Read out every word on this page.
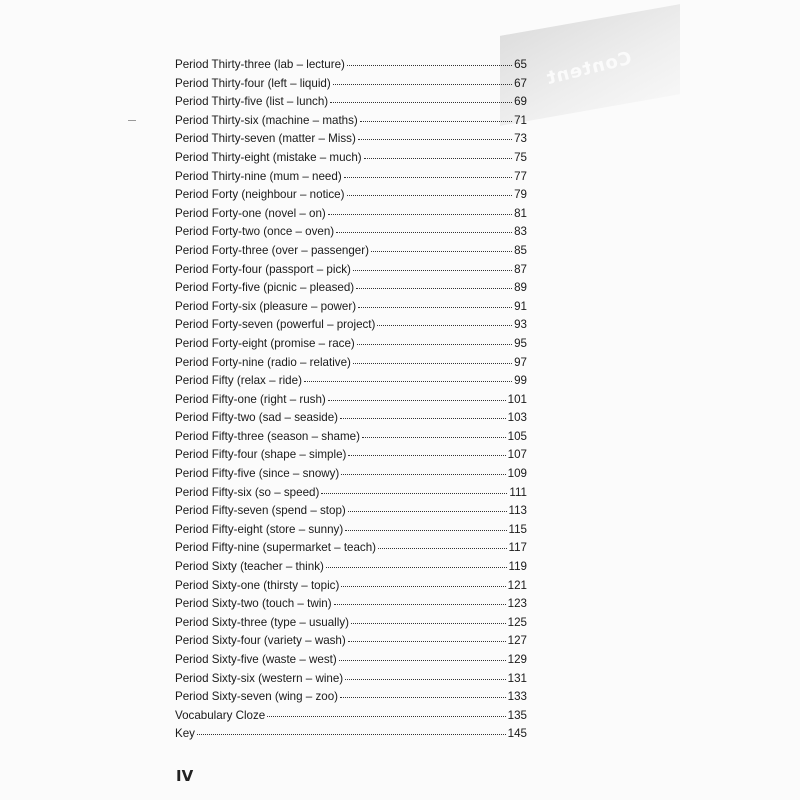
Content
Period Thirty-three (lab – lecture)	65
Period Thirty-four (left – liquid)	67
Period Thirty-five (list – lunch)	69
Period Thirty-six (machine – maths)	71
Period Thirty-seven (matter – Miss)	73
Period Thirty-eight (mistake – much)	75
Period Thirty-nine (mum – need)	77
Period Forty (neighbour – notice)	79
Period Forty-one (novel – on)	81
Period Forty-two (once – oven)	83
Period Forty-three (over – passenger)	85
Period Forty-four (passport – pick)	87
Period Forty-five (picnic – pleased)	89
Period Forty-six (pleasure – power)	91
Period Forty-seven (powerful – project)	93
Period Forty-eight (promise – race)	95
Period Forty-nine (radio – relative)	97
Period Fifty (relax – ride)	99
Period Fifty-one (right – rush)	101
Period Fifty-two (sad – seaside)	103
Period Fifty-three (season – shame)	105
Period Fifty-four (shape – simple)	107
Period Fifty-five (since – snowy)	109
Period Fifty-six (so – speed)	111
Period Fifty-seven (spend – stop)	113
Period Fifty-eight (store – sunny)	115
Period Fifty-nine (supermarket – teach)	117
Period Sixty (teacher – think)	119
Period Sixty-one (thirsty – topic)	121
Period Sixty-two (touch – twin)	123
Period Sixty-three (type – usually)	125
Period Sixty-four (variety – wash)	127
Period Sixty-five (waste – west)	129
Period Sixty-six (western – wine)	131
Period Sixty-seven (wing – zoo)	133
Vocabulary Cloze	135
Key	145
IV
